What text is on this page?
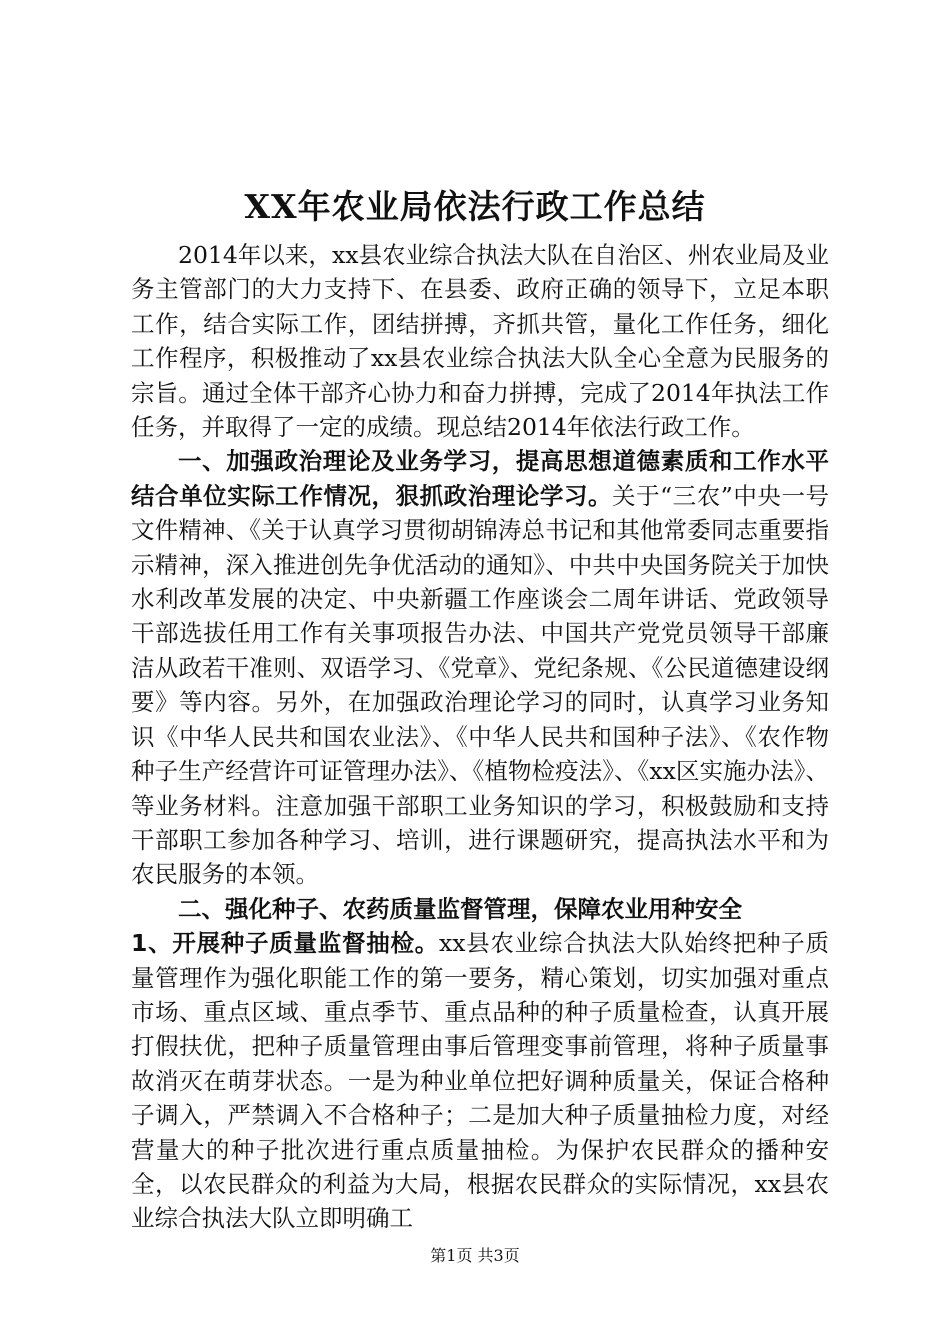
XX年农业局依法行政工作总结

2014年以来，xx县农业综合执法大队在自治区、州农业局及业务主管部门的大力支持下、在县委、政府正确的领导下，立足本职工作，结合实际工作，团结拼搏，齐抓共管，量化工作任务，细化工作程序，积极推动了xx县农业综合执法大队全心全意为民服务的宗旨。通过全体干部齐心协力和奋力拼搏，完成了2014年执法工作任务，并取得了一定的成绩。现总结2014年依法行政工作。

一、加强政治理论及业务学习，提高思想道德素质和工作水平结合单位实际工作情况，狠抓政治理论学习。关于“三农”中央一号文件精神、《关于认真学习贯彻胡锦涛总书记和其他常委同志重要指示精神，深入推进创先争优活动的通知》、中共中央国务院关于加快水利改革发展的决定、中央新疆工作座谈会二周年讲话、党政领导干部选拔任用工作有关事项报告办法、中国共产党党员领导干部廉洁从政若干准则、双语学习、《党章》、党纪条规、《公民道德建设纲要》等内容。另外，在加强政治理论学习的同时，认真学习业务知识《中华人民共和国农业法》、《中华人民共和国种子法》、《农作物种子生产经营许可证管理办法》、《植物检疫法》、《xx区实施办法》、等业务材料。注意加强干部职工业务知识的学习，积极鼓励和支持干部职工参加各种学习、培训，进行课题研究，提高执法水平和为农民服务的本领。

二、强化种子、农药质量监督管理，保障农业用种安全

1、开展种子质量监督抽检。xx县农业综合执法大队始终把种子质量管理作为强化职能工作的第一要务，精心策划，切实加强对重点市场、重点区域、重点季节、重点品种的种子质量检查，认真开展打假扶优，把种子质量管理由事后管理变事前管理，将种子质量事故消灭在萌芽状态。一是为种业单位把好调种质量关，保证合格种子调入，严禁调入不合格种子；二是加大种子质量抽检力度，对经营量大的种子批次进行重点质量抽检。为保护农民群众的播种安全，以农民群众的利益为大局，根据农民群众的实际情况，xx县农业综合执法大队立即明确工

第1页 共3页
